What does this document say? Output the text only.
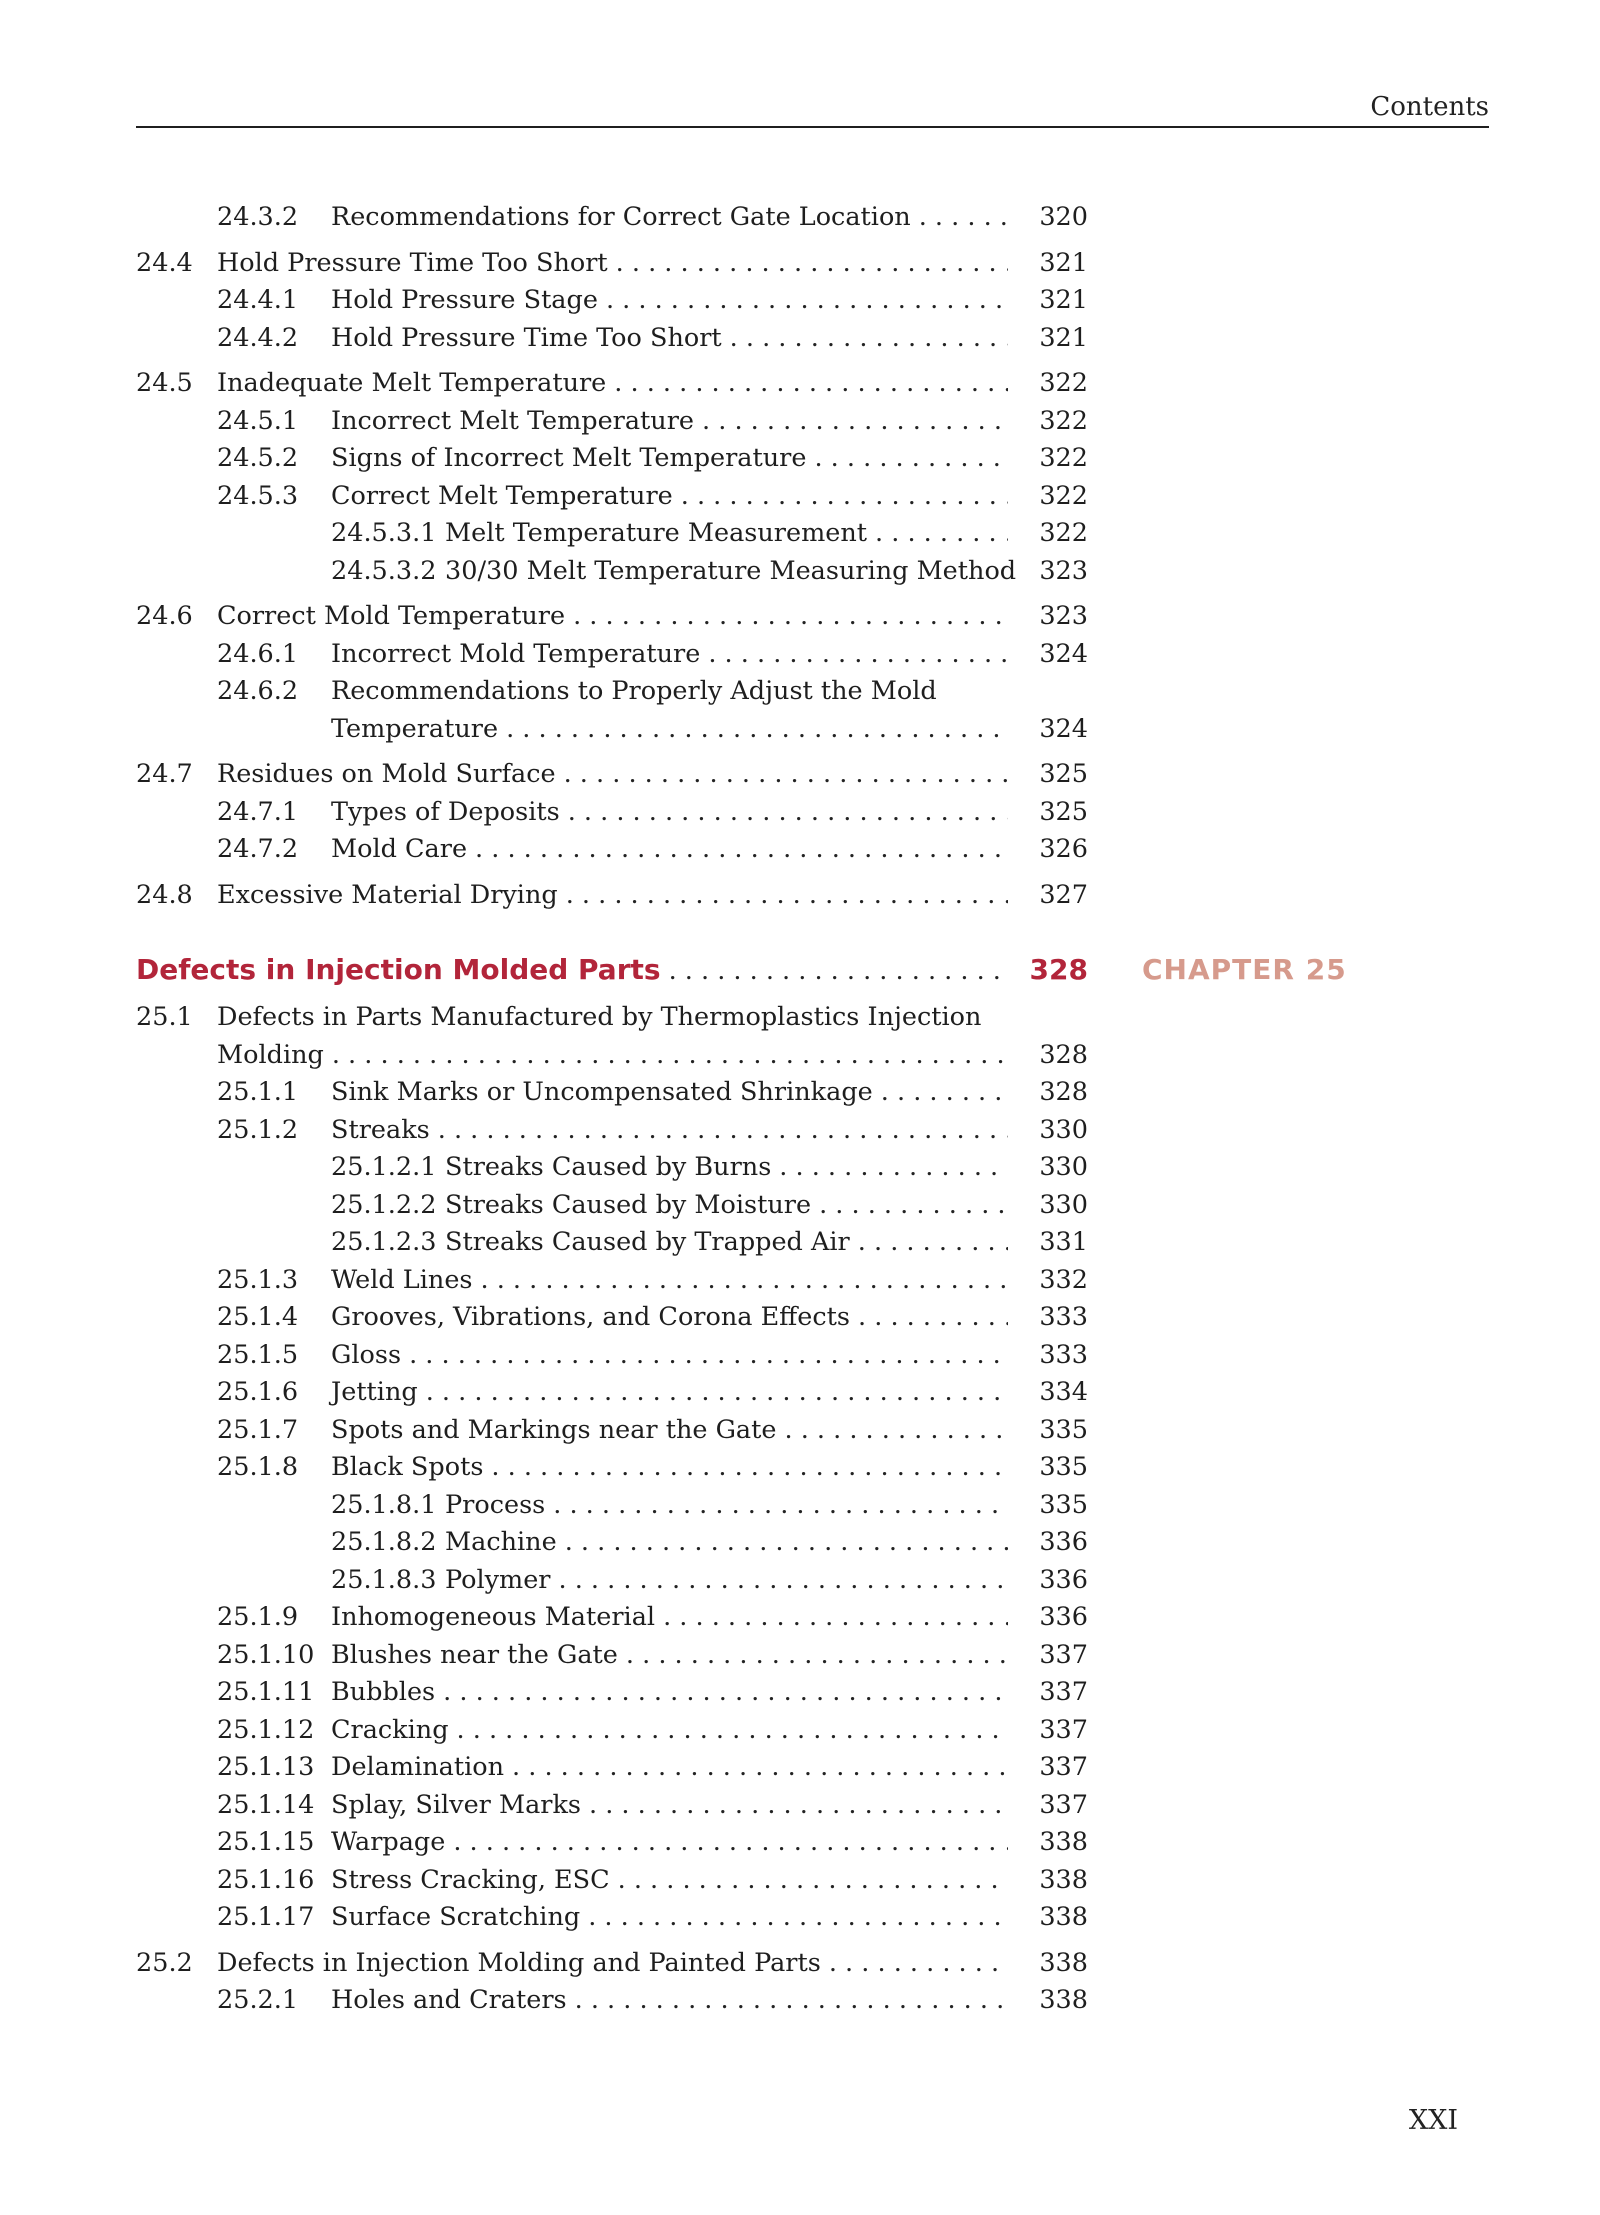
Contents
24.3.2 Recommendations for Correct Gate Location . . .	320
24.4 Hold Pressure Time Too Short . . .	321
24.4.1 Hold Pressure Stage . . .	321
24.4.2 Hold Pressure Time Too Short . . .	321
24.5 Inadequate Melt Temperature . . .	322
24.5.1 Incorrect Melt Temperature . . .	322
24.5.2 Signs of Incorrect Melt Temperature . . .	322
24.5.3 Correct Melt Temperature . . .	322
24.5.3.1 Melt Temperature Measurement . . .	322
24.5.3.2 30/30 Melt Temperature Measuring Method 323
24.6 Correct Mold Temperature . . .	323
24.6.1 Incorrect Mold Temperature . . .	324
24.6.2 Recommendations to Properly Adjust the Mold
Temperature . . .	324
24.7 Residues on Mold Surface . . .	325
24.7.1 Types of Deposits . . .	325
24.7.2 Mold Care . . .	326
24.8 Excessive Material Drying . . .	327
Defects in Injection Molded Parts . . .	328 CHAPTER 25
25.1 Defects in Parts Manufactured by Thermoplastics Injection
Molding . . .	328
25.1.1 Sink Marks or Uncompensated Shrinkage . . .	328
25.1.2 Streaks . . .	330
25.1.2.1 Streaks Caused by Burns . . .	330
25.1.2.2 Streaks Caused by Moisture . . .	330
25.1.2.3 Streaks Caused by Trapped Air . . .	331
25.1.3 Weld Lines . . .	332
25.1.4 Grooves, Vibrations, and Corona Effects . . .	333
25.1.5 Gloss . . .	333
25.1.6 Jetting . . .	334
25.1.7 Spots and Markings near the Gate . . .	335
25.1.8 Black Spots . . .	335
25.1.8.1 Process . . .	335
25.1.8.2 Machine . . .	336
25.1.8.3 Polymer . . .	336
25.1.9 Inhomogeneous Material . . .	336
25.1.10 Blushes near the Gate . . .	337
25.1.11 Bubbles . . .	337
25.1.12 Cracking . . .	337
25.1.13 Delamination . . .	337
25.1.14 Splay, Silver Marks . . .	337
25.1.15 Warpage . . .	338
25.1.16 Stress Cracking, ESC . . .	338
25.1.17 Surface Scratching . . .	338
25.2 Defects in Injection Molding and Painted Parts . . .	338
25.2.1 Holes and Craters . . .	338
XXI
